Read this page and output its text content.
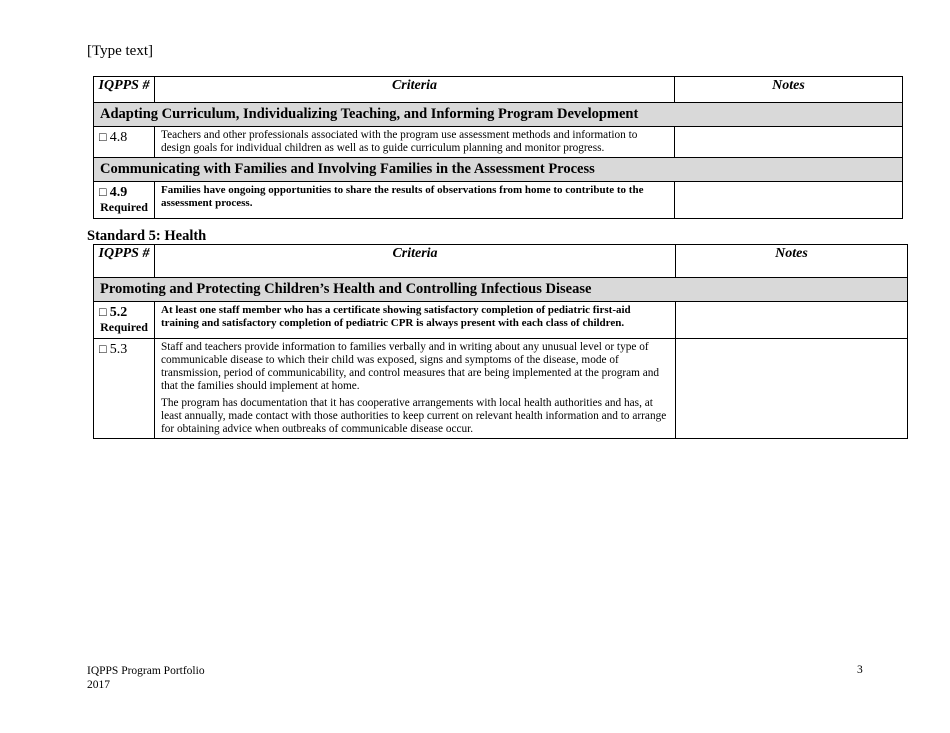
[Type text]
IQPPS #	Criteria	Notes
Adapting Curriculum, Individualizing Teaching, and Informing Program Development		
□ 4.8	Teachers and other professionals associated with the program use assessment methods and information to design goals for individual children as well as to guide curriculum planning and monitor progress.	
Communicating with Families and Involving Families in the Assessment Process		
□ 4.9
Required	Families have ongoing opportunities to share the results of observations from home to contribute to the assessment process.	
Standard 5: Health
IQPPS #	Criteria	Notes
Promoting and Protecting Children’s Health and Controlling Infectious Disease		
□ 5.2
Required	At least one staff member who has a certificate showing satisfactory completion of pediatric first-aid training and satisfactory completion of pediatric CPR is always present with each class of children.	
□ 5.3	Staff and teachers provide information to families verbally and in writing about any unusual level or type of communicable disease to which their child was exposed, signs and symptoms of the disease, mode of transmission, period of communicability, and control measures that are being implemented at the program and that the families should implement at home.

The program has documentation that it has cooperative arrangements with local health authorities and has, at least annually, made contact with those authorities to keep current on relevant health information and to arrange for obtaining advice when outbreaks of communicable disease occur.	

IQPPS Program Portfolio
2017
3
